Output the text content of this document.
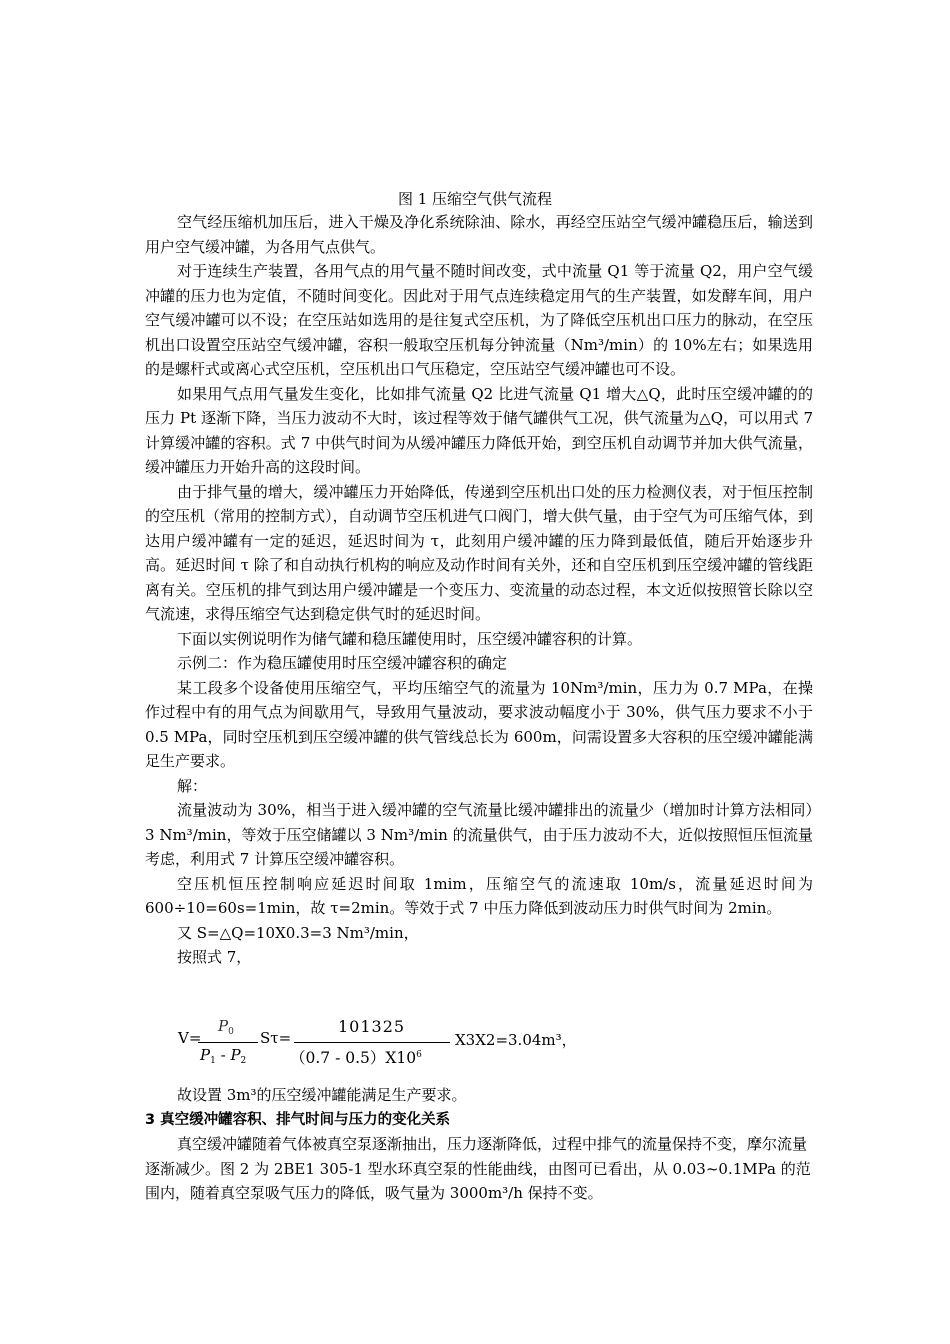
图 1 压缩空气供气流程

空气经压缩机加压后，进入干燥及净化系统除油、除水，再经空压站空气缓冲罐稳压后，输送到用户空气缓冲罐，为各用气点供气。

对于连续生产装置，各用气点的用气量不随时间改变，式中流量 Q1 等于流量 Q2，用户空气缓冲罐的压力也为定值，不随时间变化。因此对于用气点连续稳定用气的生产装置，如发酵车间，用户空气缓冲罐可以不设；在空压站如选用的是往复式空压机，为了降低空压机出口压力的脉动，在空压机出口设置空压站空气缓冲罐，容积一般取空压机每分钟流量（Nm³/min）的 10%左右；如果选用的是螺杆式或离心式空压机，空压机出口气压稳定，空压站空气缓冲罐也可不设。

如果用气点用气量发生变化，比如排气流量 Q2 比进气流量 Q1 增大△Q，此时压空缓冲罐的的压力 Pt 逐渐下降，当压力波动不大时，该过程等效于储气罐供气工况，供气流量为△Q，可以用式 7 计算缓冲罐的容积。式 7 中供气时间为从缓冲罐压力降低开始，到空压机自动调节并加大供气流量，缓冲罐压力开始升高的这段时间。

由于排气量的增大，缓冲罐压力开始降低，传递到空压机出口处的压力检测仪表，对于恒压控制的空压机（常用的控制方式），自动调节空压机进气口阀门，增大供气量，由于空气为可压缩气体，到达用户缓冲罐有一定的延迟，延迟时间为 τ，此刻用户缓冲罐的压力降到最低值，随后开始逐步升高。延迟时间 τ 除了和自动执行机构的响应及动作时间有关外，还和自空压机到压空缓冲罐的管线距离有关。空压机的排气到达用户缓冲罐是一个变压力、变流量的动态过程，本文近似按照管长除以空气流速，求得压缩空气达到稳定供气时的延迟时间。

下面以实例说明作为储气罐和稳压罐使用时，压空缓冲罐容积的计算。

示例二：作为稳压罐使用时压空缓冲罐容积的确定

某工段多个设备使用压缩空气，平均压缩空气的流量为 10Nm³/min，压力为 0.7 MPa，在操作过程中有的用气点为间歇用气，导致用气量波动，要求波动幅度小于 30%，供气压力要求不小于 0.5 MPa，同时空压机到压空缓冲罐的供气管线总长为 600m，问需设置多大容积的压空缓冲罐能满足生产要求。

解：

流量波动为 30%，相当于进入缓冲罐的空气流量比缓冲罐排出的流量少（增加时计算方法相同）3 Nm³/min，等效于压空储罐以 3 Nm³/min 的流量供气，由于压力波动不大，近似按照恒压恒流量考虑，利用式 7 计算压空缓冲罐容积。

空压机恒压控制响应延迟时间取 1mim，压缩空气的流速取 10m/s，流量延迟时间为 600÷10=60s=1min，故 τ=2min。等效于式 7 中压力降低到波动压力时供气时间为 2min。

又 S=△Q=10X0.3=3 Nm³/min，

按照式 7，

V=
$P_0$
$P_1 - P_2$
Sτ=
101325
$(0.7 - 0.5)X10^6$
X3X2=3.04m³，

故设置 3m³的压空缓冲罐能满足生产要求。

3 真空缓冲罐容积、排气时间与压力的变化关系

真空缓冲罐随着气体被真空泵逐渐抽出，压力逐渐降低，过程中排气的流量保持不变，摩尔流量逐渐减少。图 2 为 2BE1 305-1 型水环真空泵的性能曲线，由图可已看出，从 0.03~0.1MPa 的范围内，随着真空泵吸气压力的降低，吸气量为 3000m³/h 保持不变。
